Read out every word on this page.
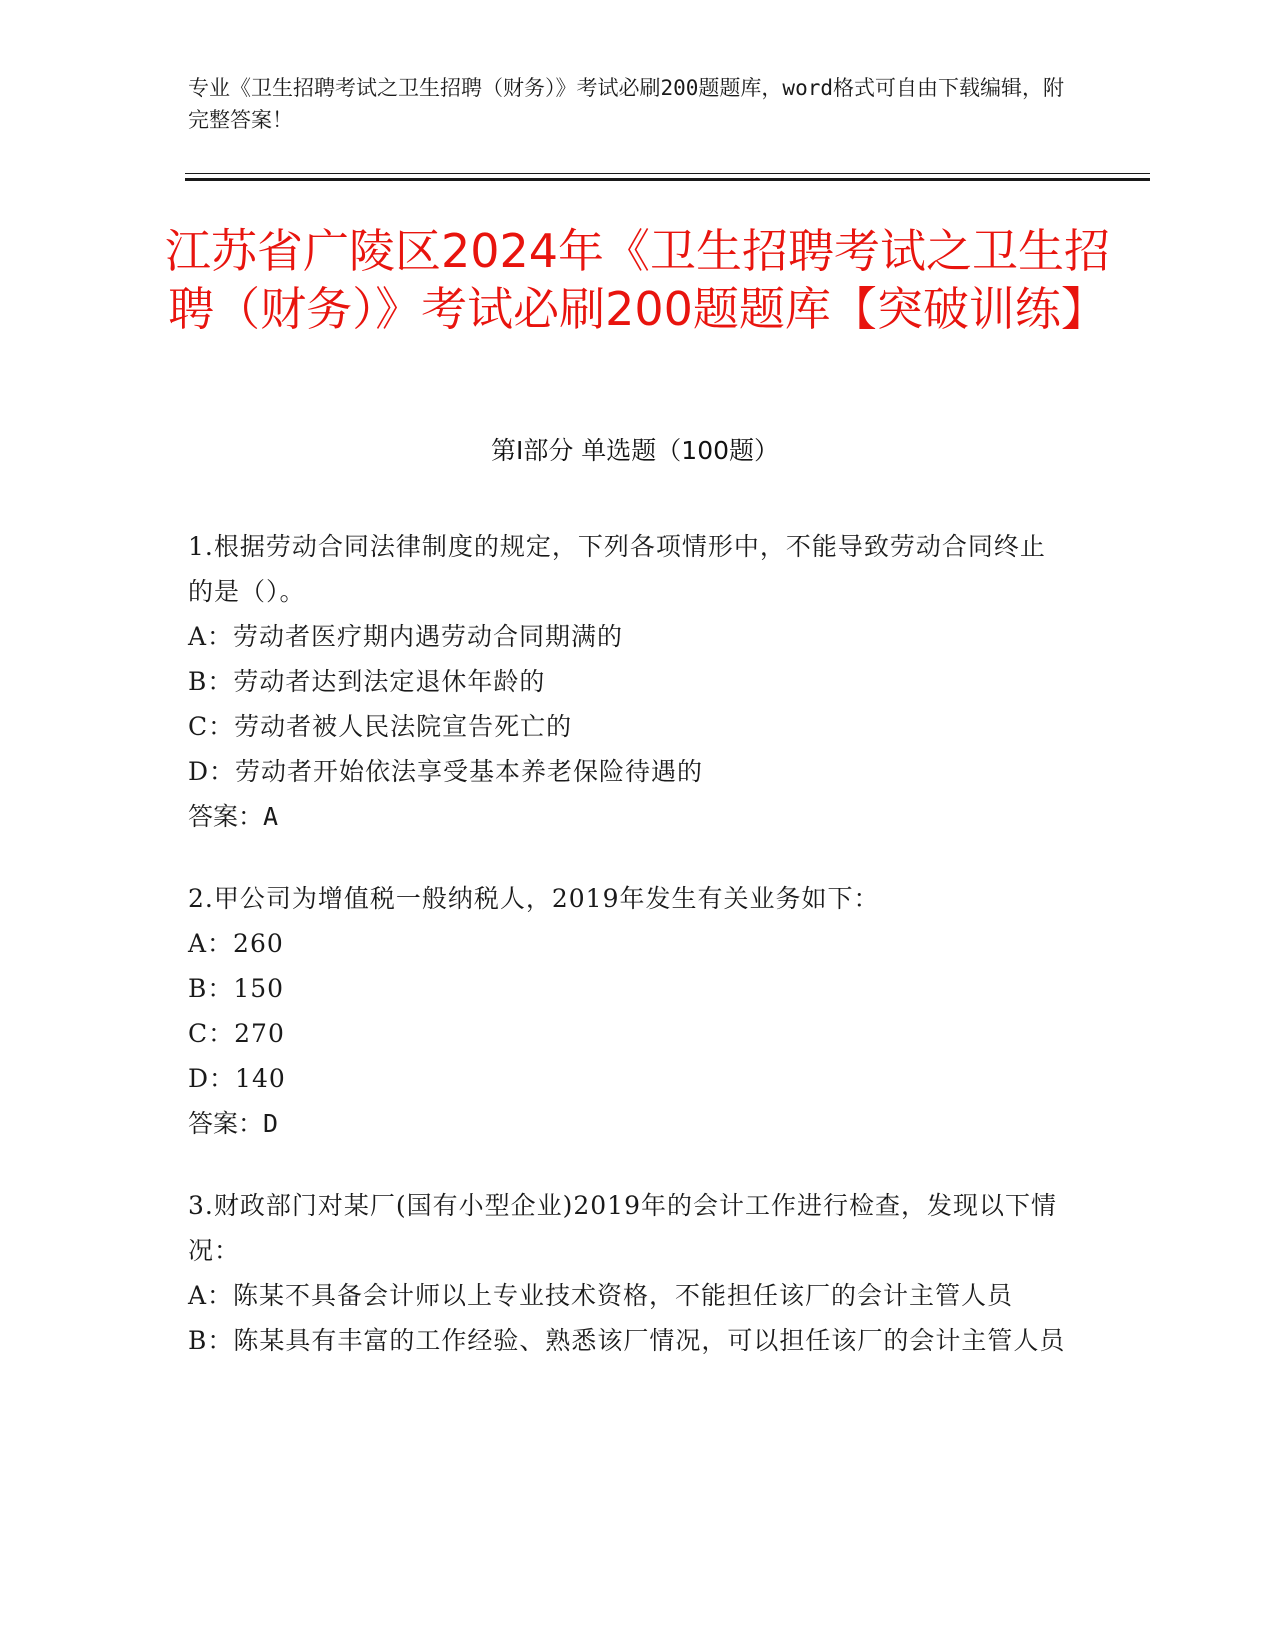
专业《卫生招聘考试之卫生招聘（财务）》考试必刷200题题库，word格式可自由下载编辑，附完整答案！
江苏省广陵区2024年《卫生招聘考试之卫生招聘（财务）》考试必刷200题题库【突破训练】
第Ⅰ部分 单选题（100题）
1.根据劳动合同法律制度的规定，下列各项情形中，不能导致劳动合同终止的是（）。
A：劳动者医疗期内遇劳动合同期满的
B：劳动者达到法定退休年龄的
C：劳动者被人民法院宣告死亡的
D：劳动者开始依法享受基本养老保险待遇的
答案：A
2.甲公司为增值税一般纳税人，2019年发生有关业务如下：
A：260
B：150
C：270
D：140
答案：D
3.财政部门对某厂(国有小型企业)2019年的会计工作进行检查，发现以下情况：
A：陈某不具备会计师以上专业技术资格，不能担任该厂的会计主管人员
B：陈某具有丰富的工作经验、熟悉该厂情况，可以担任该厂的会计主管人员
